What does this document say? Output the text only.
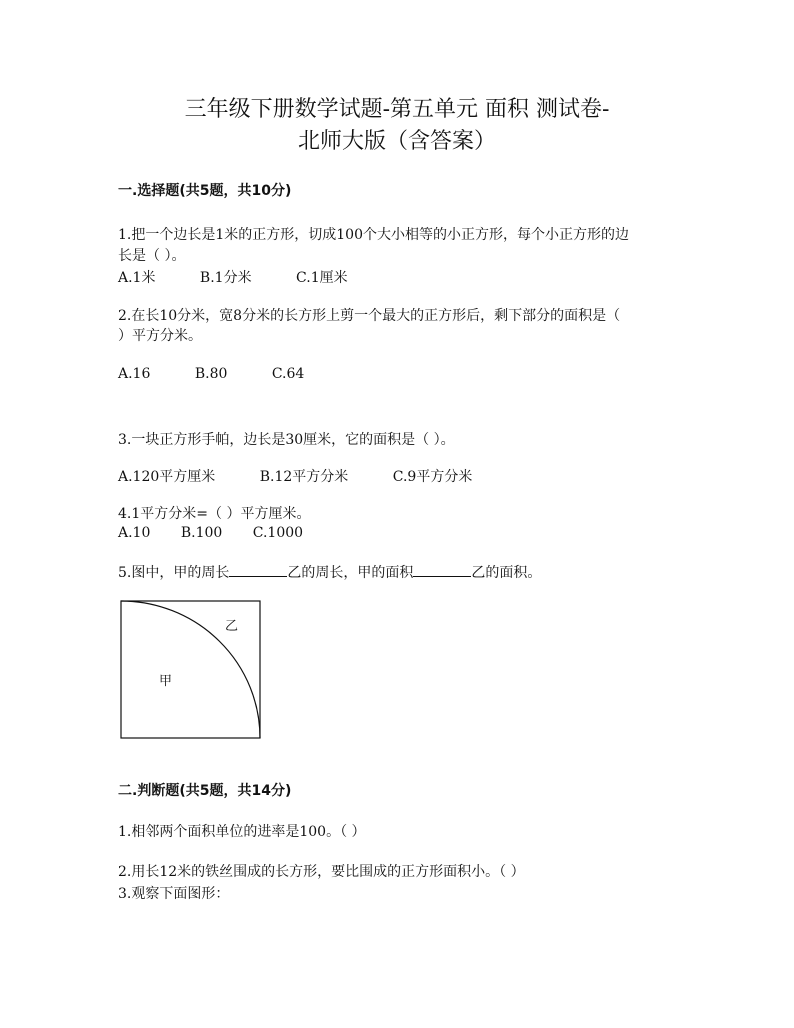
三年级下册数学试题-第五单元 面积 测试卷-
北师大版（含答案）
一.选择题(共5题，共10分)
1.把一个边长是1米的正方形，切成100个大小相等的小正方形，每个小正方形的边
长是（ ）。
A.1米	B.1分米	C.1厘米
2.在长10分米，宽8分米的长方形上剪一个最大的正方形后，剩下部分的面积是（
）平方分米。
A.16	B.80	C.64
3.一块正方形手帕，边长是30厘米，它的面积是（ ）。
A.120平方厘米	B.12平方分米	C.9平方分米
4.1平方分米=（ ）平方厘米。
A.10 B.100 C.1000
5.图中，甲的周长	乙的周长，甲的面积	乙的面积。
甲
乙
二.判断题(共5题，共14分)
1.相邻两个面积单位的进率是100。（ ）
2.用长12米的铁丝围成的长方形，要比围成的正方形面积小。（ ）
3.观察下面图形：
